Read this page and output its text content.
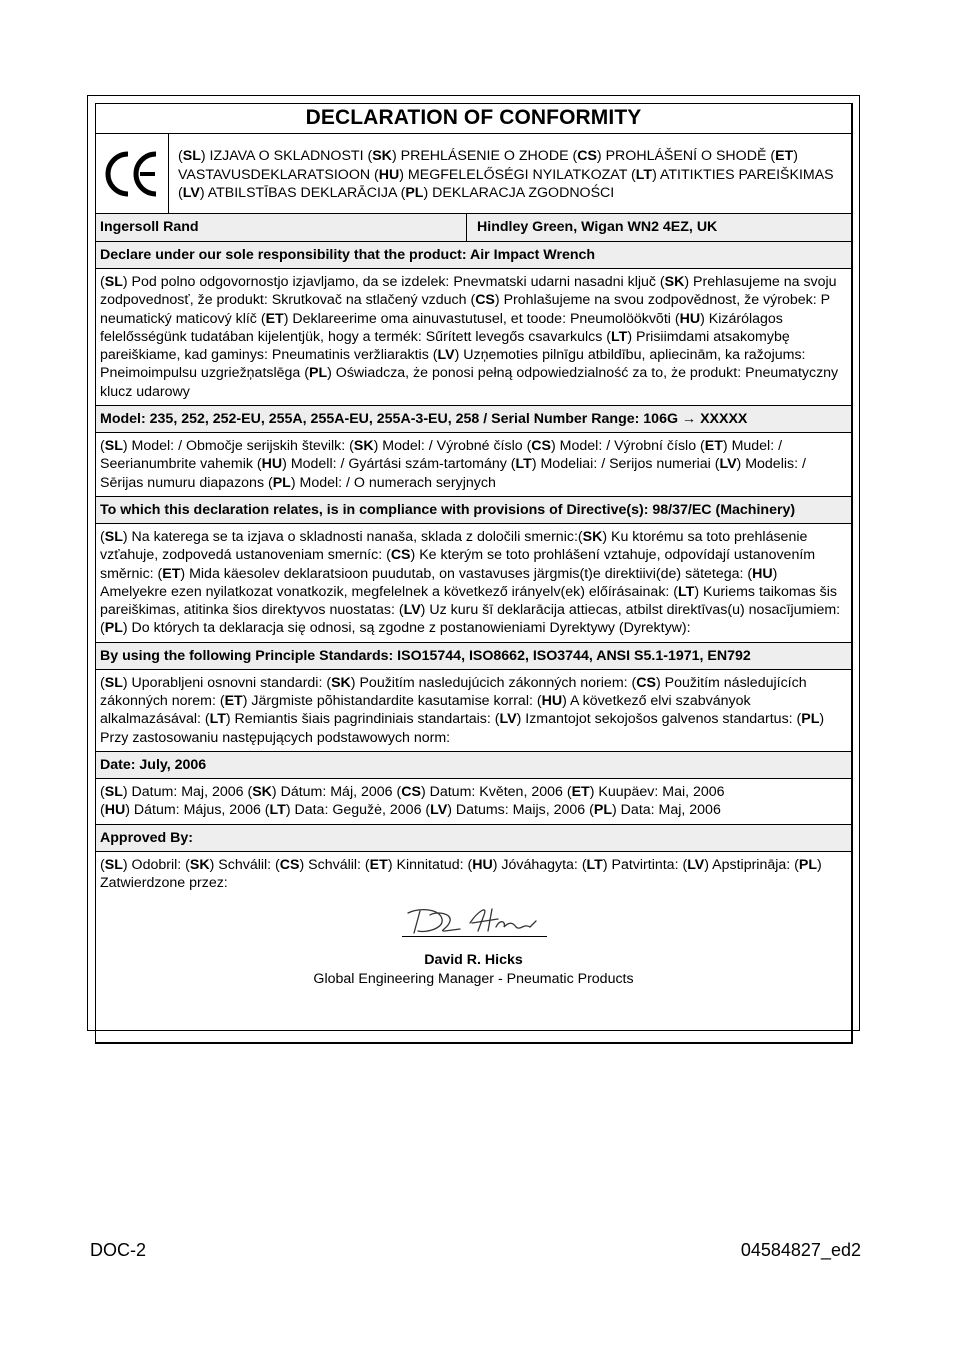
DECLARATION OF CONFORMITY
(SL) IZJAVA O SKLADNOSTI (SK) PREHLÁSENIE O ZHODE (CS) PROHLÁŠENÍ O SHODĚ (ET) VASTAVUSDEKLARATSIOON (HU) MEGFELELŐSÉGI NYILATKOZAT (LT) ATITIKTIES PAREIŠKIMAS (LV) ATBILSTĪBAS DEKLARĀCIJA (PL) DEKLARACJA ZGODNOŚCI
Ingersoll Rand	Hindley Green, Wigan WN2 4EZ, UK
Declare under our sole responsibility that the product: Air Impact Wrench
(SL) Pod polno odgovornostjo izjavljamo, da se izdelek: Pnevmatski udarni nasadni ključ (SK) Prehlasujeme na svoju zodpovednosť, že produkt: Skrutkovač na stlačený vzduch (CS) Prohlašujeme na svou zodpovědnost, že výrobek: P neumatický maticový klíč (ET) Deklareerime oma ainuvastutusel, et toode: Pneumolöökvõti (HU) Kizárólagos felelősségünk tudatában kijelentjük, hogy a termék: Sűrített levegős csavarkulcs (LT) Prisiimdami atsakomybę pareiškiame, kad gaminys: Pneumatinis veržliaraktis (LV) Uzņemoties pilnīgu atbildību, apliecinām, ka ražojums: Pneimoimpulsu uzgriežņatslēga (PL) Oświadcza, że ponosi pełną odpowiedzialność za to, że produkt: Pneumatyczny klucz udarowy
Model: 235, 252, 252-EU, 255A, 255A-EU, 255A-3-EU, 258 / Serial Number Range: 106G → XXXXX
(SL) Model: / Območje serijskih številk: (SK) Model: / Výrobné číslo (CS) Model: / Výrobní číslo (ET) Mudel: / Seerianumbrite vahemik (HU) Modell: / Gyártási szám-tartomány (LT) Modeliai: / Serijos numeriai (LV) Modelis: / Sērijas numuru diapazons (PL) Model: / O numerach seryjnych
To which this declaration relates, is in compliance with provisions of Directive(s): 98/37/EC (Machinery)
(SL) Na katerega se ta izjava o skladnosti nanaša, sklada z določili smernic:(SK) Ku ktorému sa toto prehlásenie vzťahuje, zodpovedá ustanoveniam smerníc: (CS) Ke kterým se toto prohlášení vztahuje, odpovídají ustanovením směrnic: (ET) Mida käesolev deklaratsioon puudutab, on vastavuses järgmis(t)e direktiivi(de) sätetega: (HU) Amelyekre ezen nyilatkozat vonatkozik, megfelelnek a következő irányelv(ek) előírásainak: (LT) Kuriems taikomas šis pareiškimas, atitinka šios direktyvos nuostatas: (LV) Uz kuru šī deklarācija attiecas, atbilst direktīvas(u) nosacījumiem: (PL) Do których ta deklaracja się odnosi, są zgodne z postanowieniami Dyrektywy (Dyrektyw):
By using the following Principle Standards: ISO15744, ISO8662, ISO3744, ANSI S5.1-1971, EN792
(SL) Uporabljeni osnovni standardi: (SK) Použitím nasledujúcich zákonných noriem: (CS) Použitím následujících zákonných norem: (ET) Järgmiste põhistandardite kasutamise korral: (HU) A következő elvi szabványok alkalmazásával: (LT) Remiantis šiais pagrindiniais standartais: (LV) Izmantojot sekojošos galvenos standartus: (PL) Przy zastosowaniu następujących podstawowych norm:
Date: July, 2006
(SL) Datum: Maj, 2006 (SK) Dátum: Máj, 2006 (CS) Datum: Květen, 2006 (ET) Kuupäev: Mai, 2006
(HU) Dátum: Május, 2006 (LT) Data: Gegužė, 2006 (LV) Datums: Maijs, 2006 (PL) Data: Maj, 2006
Approved By:
(SL) Odobril: (SK) Schválil: (CS) Schválil: (ET) Kinnitatud: (HU) Jóváhagyta: (LT) Patvirtinta: (LV) Apstiprināja: (PL) Zatwierdzone przez:
David R. Hicks
Global Engineering Manager - Pneumatic Products
DOC-2	04584827_ed2
